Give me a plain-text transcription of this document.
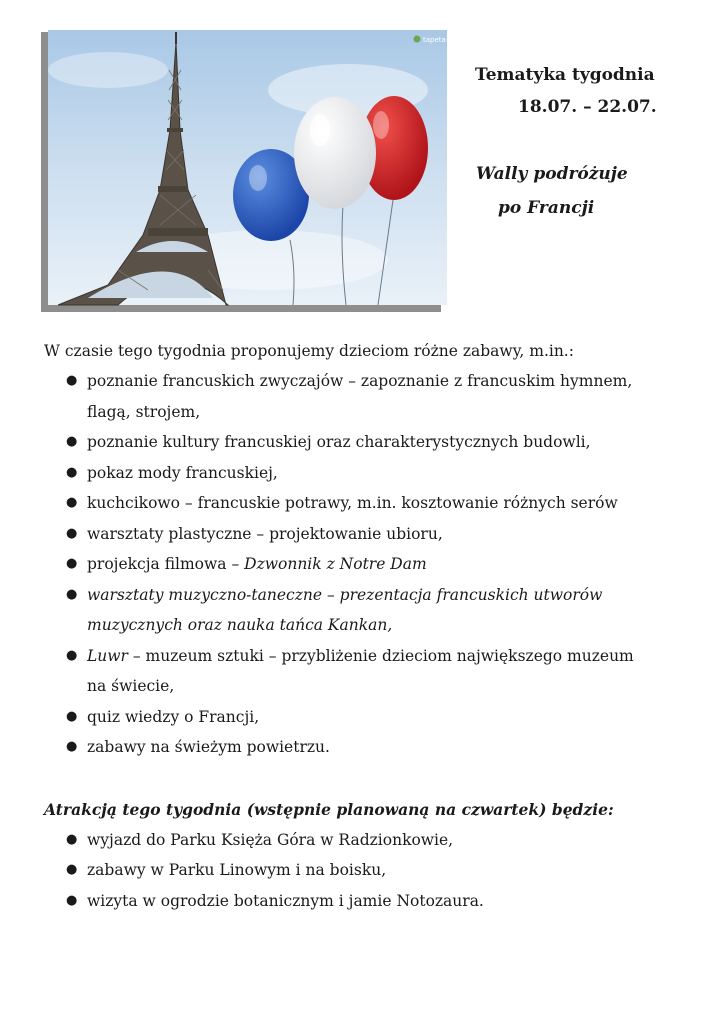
tapeta-lo.pl
Tematyka tygodnia
18.07. – 22.07.
Wally podróżuje
po Francji

W czasie tego tygodnia proponujemy dzieciom różne zabawy, m.in.:

● poznanie francuskich zwyczajów – zapoznanie z francuskim hymnem,
flagą, strojem,
● poznanie kultury francuskiej oraz charakterystycznych budowli,
● pokaz mody francuskiej,
● kuchcikowo – francuskie potrawy, m.in. kosztowanie różnych serów
● warsztaty plastyczne – projektowanie ubioru,
● projekcja filmowa – Dzwonnik z Notre Dam
● warsztaty muzyczno-taneczne – prezentacja francuskich utworów
muzycznych oraz nauka tańca Kankan,
● Luwr – muzeum sztuki – przybliżenie dzieciom największego muzeum
na świecie,
● quiz wiedzy o Francji,
● zabawy na świeżym powietrzu.

Atrakcją tego tygodnia (wstępnie planowaną na czwartek) będzie:

● wyjazd do Parku Księża Góra w Radzionkowie,
● zabawy w Parku Linowym i na boisku,
● wizyta w ogrodzie botanicznym i jamie Notozaura.
